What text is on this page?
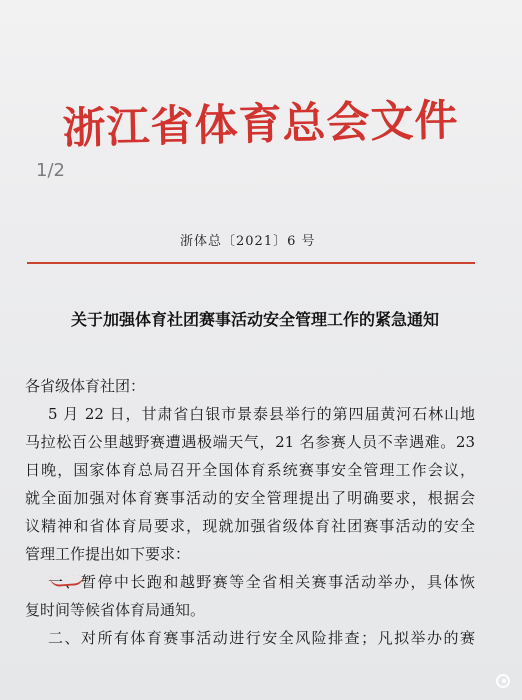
浙江省体育总会文件
1/2
浙体总〔2021〕6 号
关于加强体育社团赛事活动安全管理工作的紧急通知
各省级体育社团：
5 月 22 日，甘肃省白银市景泰县举行的第四届黄河石林山地
马拉松百公里越野赛遭遇极端天气，21 名参赛人员不幸遇难。23
日晚，国家体育总局召开全国体育系统赛事安全管理工作会议，
就全面加强对体育赛事活动的安全管理提出了明确要求，根据会
议精神和省体育局要求，现就加强省级体育社团赛事活动的安全
管理工作提出如下要求：
一、暂停中长跑和越野赛等全省相关赛事活动举办，具体恢
复时间等候省体育局通知。
二、对所有体育赛事活动进行安全风险排查；凡拟举办的赛
